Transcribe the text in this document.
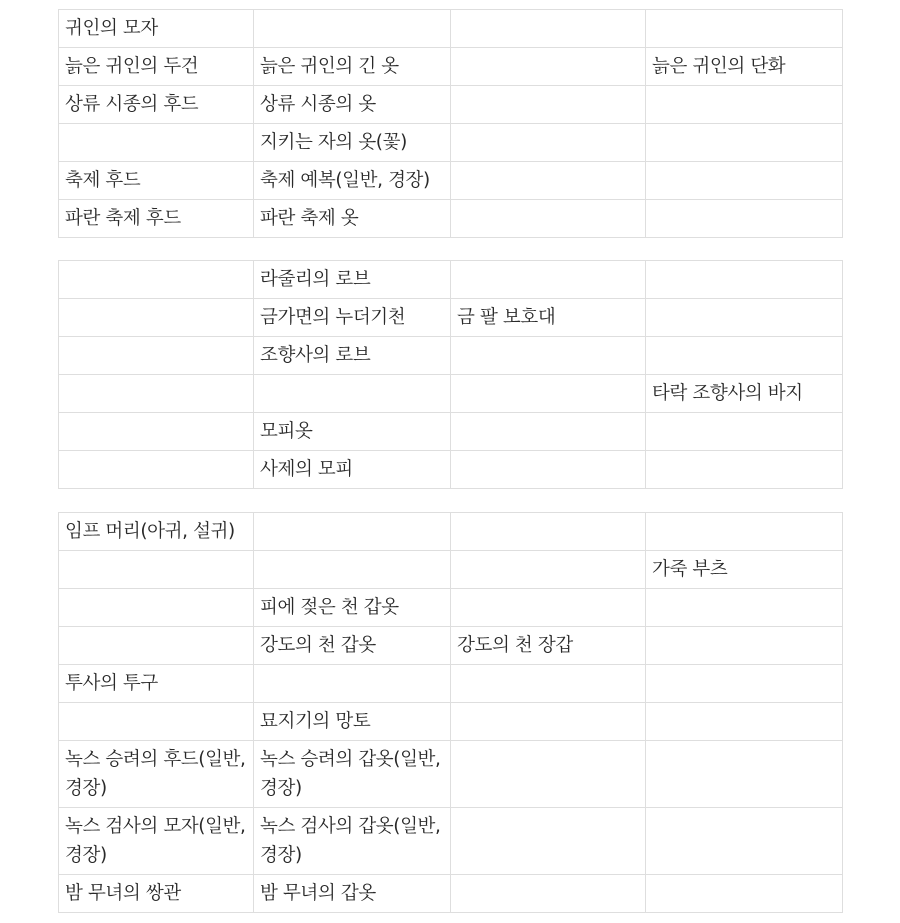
귀인의 모자			
늙은 귀인의 두건	늙은 귀인의 긴 옷		늙은 귀인의 단화
상류 시종의 후드	상류 시종의 옷		
	지키는 자의 옷(꽃)		
축제 후드	축제 예복(일반, 경장)		
파란 축제 후드	파란 축제 옷		
	라줄리의 로브		
	금가면의 누더기천	금 팔 보호대	
	조향사의 로브		
			타락 조향사의 바지
	모피옷		
	사제의 모피		
임프 머리(아귀, 설귀)			
			가죽 부츠
	피에 젖은 천 갑옷		
	강도의 천 갑옷	강도의 천 장갑	
투사의 투구			
	묘지기의 망토		
녹스 승려의 후드(일반, 경장)	녹스 승려의 갑옷(일반, 경장)		
녹스 검사의 모자(일반, 경장)	녹스 검사의 갑옷(일반, 경장)		
밤 무녀의 쌍관	밤 무녀의 갑옷		
